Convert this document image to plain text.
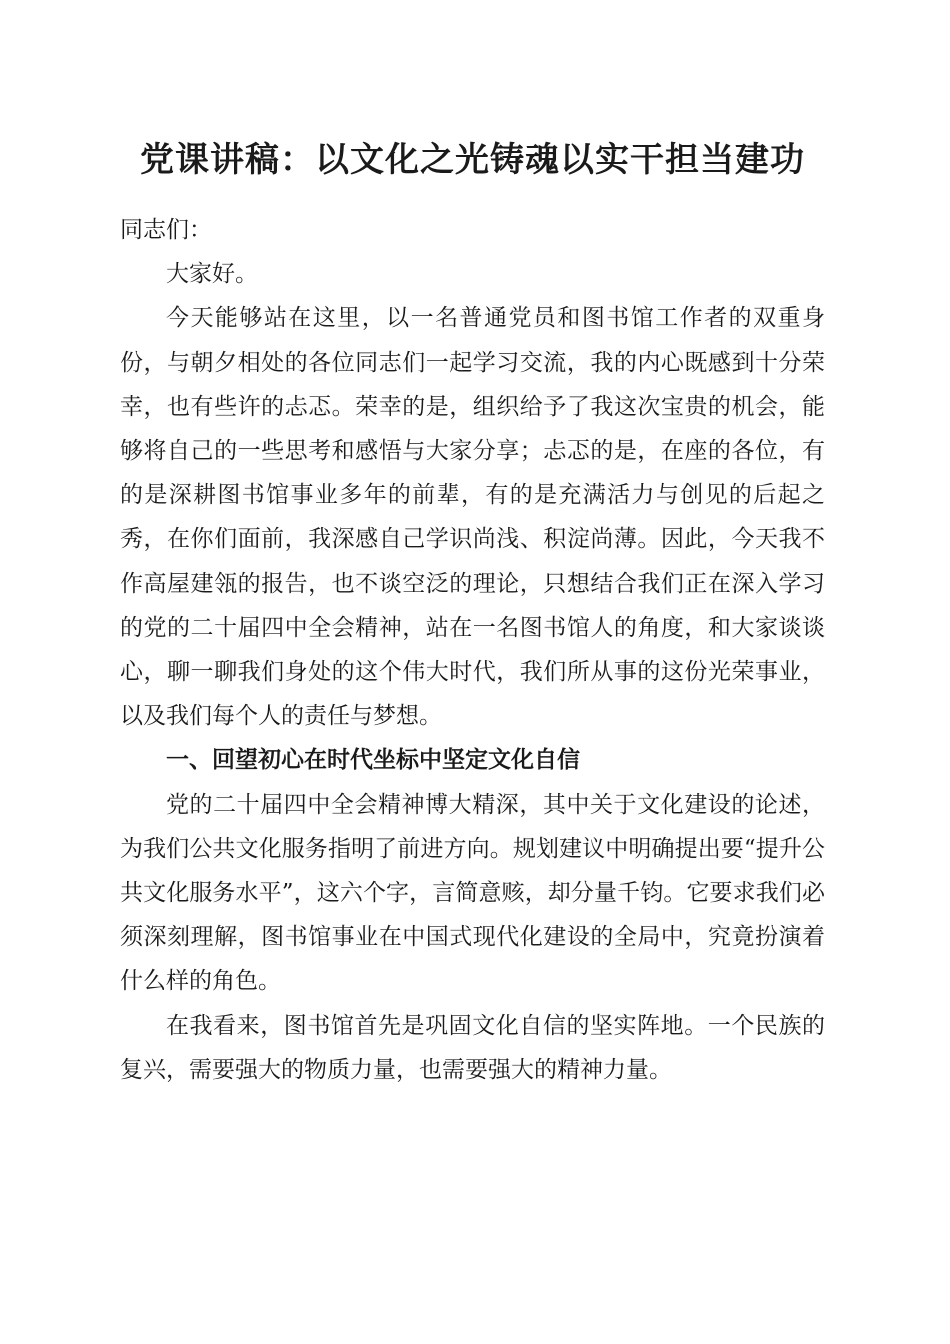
党课讲稿：以文化之光铸魂以实干担当建功

同志们：

大家好。

今天能够站在这里，以一名普通党员和图书馆工作者的双重身份，与朝夕相处的各位同志们一起学习交流，我的内心既感到十分荣幸，也有些许的忐忑。荣幸的是，组织给予了我这次宝贵的机会，能够将自己的一些思考和感悟与大家分享；忐忑的是，在座的各位，有的是深耕图书馆事业多年的前辈，有的是充满活力与创见的后起之秀，在你们面前，我深感自己学识尚浅、积淀尚薄。因此，今天我不作高屋建瓴的报告，也不谈空泛的理论，只想结合我们正在深入学习的党的二十届四中全会精神，站在一名图书馆人的角度，和大家谈谈心，聊一聊我们身处的这个伟大时代，我们所从事的这份光荣事业，以及我们每个人的责任与梦想。

一、回望初心在时代坐标中坚定文化自信

党的二十届四中全会精神博大精深，其中关于文化建设的论述，为我们公共文化服务指明了前进方向。规划建议中明确提出要“提升公共文化服务水平”，这六个字，言简意赅，却分量千钧。它要求我们必须深刻理解，图书馆事业在中国式现代化建设的全局中，究竟扮演着什么样的角色。

在我看来，图书馆首先是巩固文化自信的坚实阵地。一个民族的复兴，需要强大的物质力量，也需要强大的精神力量。
